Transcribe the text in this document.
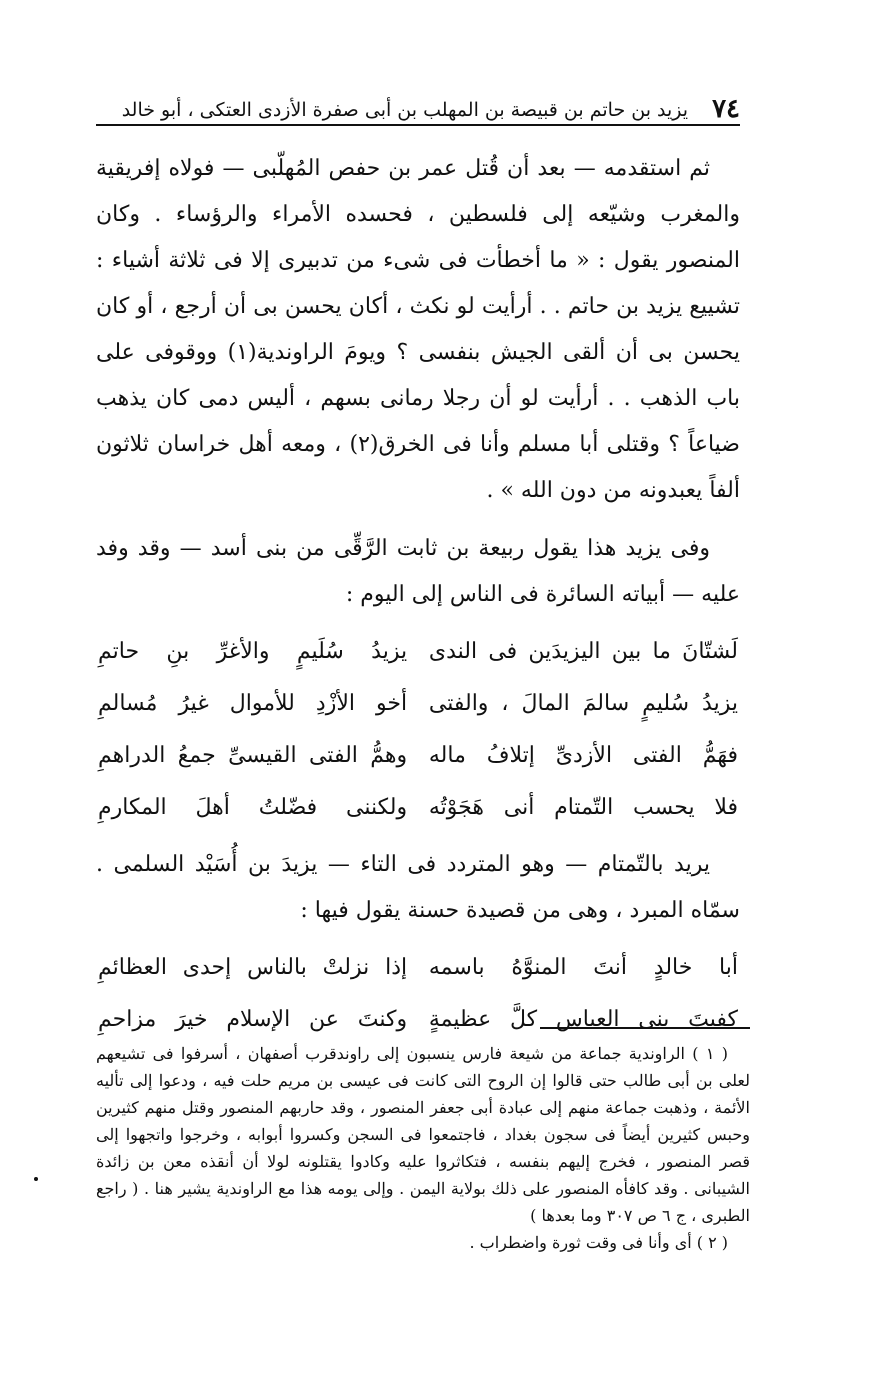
٧٤
يزيد بن حاتم بن قبيصة بن المهلب بن أبى صفرة الأزدى العتكى ، أبو خالد

ثم استقدمه — بعد أن قُتل عمر بن حفص المُهلّبى — فولاه إفريقية والمغرب وشيّعه إلى فلسطين ، فحسده الأمراء والرؤساء . وكان المنصور يقول : « ما أخطأت فى شىء من تدبيرى إلا فى ثلاثة أشياء : تشييع يزيد بن حاتم . . أرأيت لو نكث ، أكان يحسن بى أن أرجع ، أو كان يحسن بى أن ألقى الجيش بنفسى ؟ ويومَ الراوندية(١) ووقوفى على باب الذهب . . أرأيت لو أن رجلا رمانى بسهم ، أليس دمى كان يذهب ضياعاً ؟ وقتلى أبا مسلم وأنا فى الخرق(٢) ، ومعه أهل خراسان ثلاثون ألفاً يعبدونه من دون الله » .

وفى يزيد هذا يقول ربيعة بن ثابت الرَّقِّى من بنى أسد — وقد وفد عليه — أبياته السائرة فى الناس إلى اليوم :

لَشتّانَ ما بين اليزيدَين فى الندى
يزيدُ سُلَيمٍ والأغرِّ بنِ حاتمِ
يزيدُ سُليمٍ سالمَ المالَ ، والفتى
أخو الأزْدِ للأموال غيرُ مُسالمِ
فهَمُّ الفتى الأزدىِّ إتلافُ ماله
وهمُّ الفتى القيسىِّ جمعُ الدراهمِ
فلا يحسب التّمتام أنى هَجَوْتُه
ولكننى فضّلتُ أهلَ المكارمِ

يريد بالتّمتام — وهو المتردد فى التاء — يزيدَ بن أُسَيْد السلمى . سمّاه المبرد ، وهى من قصيدة حسنة يقول فيها :

أبا خالدٍ أنتَ المنوَّهُ باسمه
إذا نزلتْ بالناس إحدى العظائمِ
كفيتَ بنى العباس كلَّ عظيمةٍ
وكنتَ عن الإسلام خيرَ مزاحمِ

( ١ ) الراوندية جماعة من شيعة فارس ينسبون إلى راوندقرب أصفهان ، أسرفوا فى تشيعهم لعلى بن أبى طالب حتى قالوا إن الروح التى كانت فى عيسى بن مريم حلت فيه ، ودعوا إلى تأليه الأئمة ، وذهبت جماعة منهم إلى عبادة أبى جعفر المنصور ، وقد حاربهم المنصور وقتل منهم كثيرين وحبس كثيرين أيضاً فى سجون بغداد ، فاجتمعوا فى السجن وكسروا أبوابه ، وخرجوا واتجهوا إلى قصر المنصور ، فخرج إليهم بنفسه ، فتكاثروا عليه وكادوا يقتلونه لولا أن أنقذه معن بن زائدة الشيبانى . وقد كافأه المنصور على ذلك بولاية اليمن . وإلى يومه هذا مع الراوندية يشير هنا . ( راجع الطبرى ، ج ٦ ص ٣٠٧ وما بعدها )

( ٢ ) أى وأنا فى وقت ثورة واضطراب .
